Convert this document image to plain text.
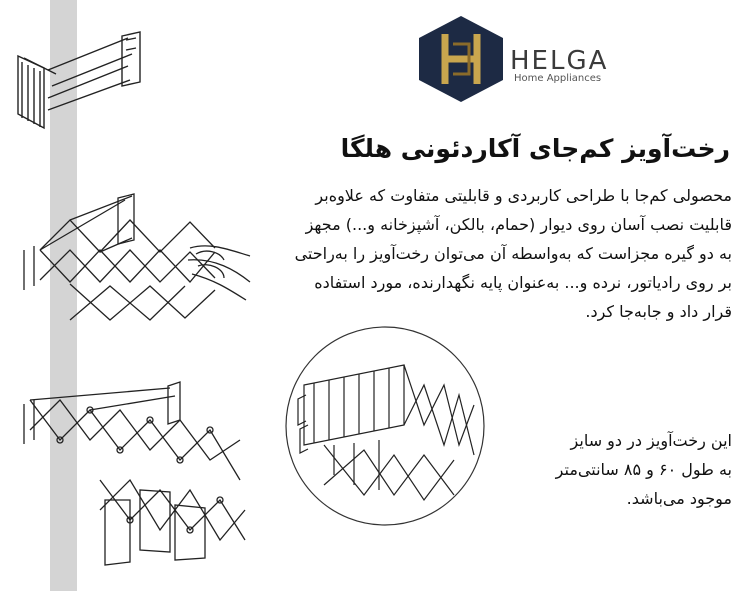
HELGA
Home Appliances
رخت‌آویز کم‌جای آکاردئونی هلگا
محصولی کم‌جا با طراحی کاربردی و قابلیتی متفاوت که علاوه‌بر
قابلیت نصب آسان روی دیوار (حمام، بالکن، آشپزخانه و...) مجهز
به دو گیره مجزاست که به‌واسطه آن می‌توان رخت‌آویز را به‌راحتی
بر روی رادیاتور، نرده و... به‌عنوان پایه نگهدارنده، مورد استفاده
قرار داد و جابه‌جا کرد.
این رخت‌آویز در دو سایز
به طول ۶۰ و ۸۵ سانتی‌متر
موجود می‌باشد.
